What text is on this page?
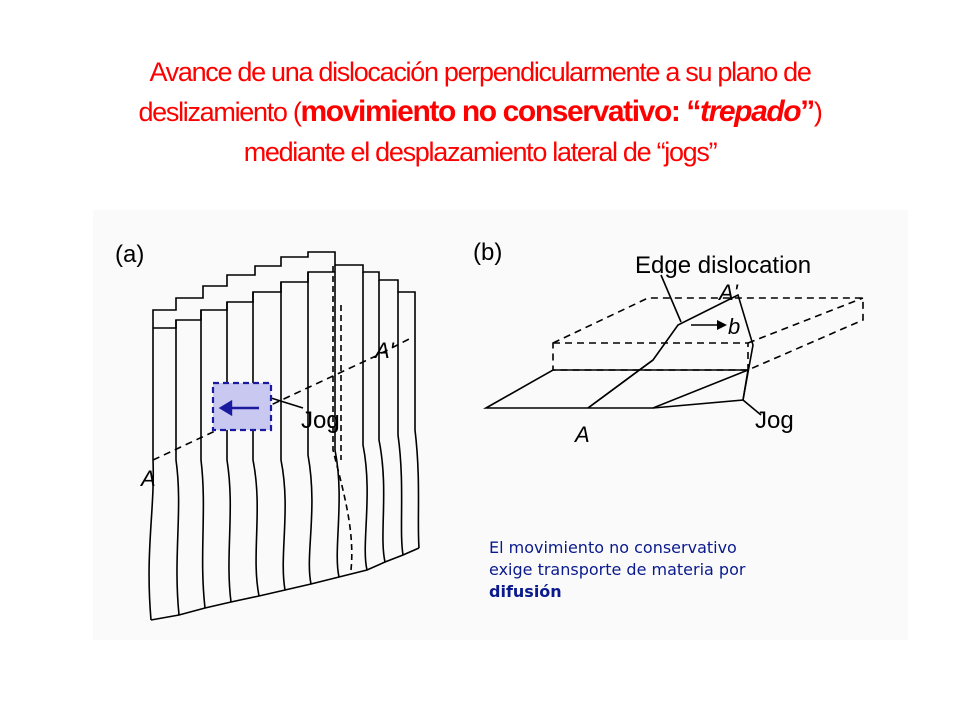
Avance de una dislocación perpendicularmente a su plano de
deslizamiento (movimiento no conservativo: “trepado”)
mediante el desplazamiento lateral de “jogs”
(a)
A'
Jog
A
(b)	Edge dislocation
A'
b
Jog
A
El movimiento no conservativo
exige transporte de materia por
difusión
